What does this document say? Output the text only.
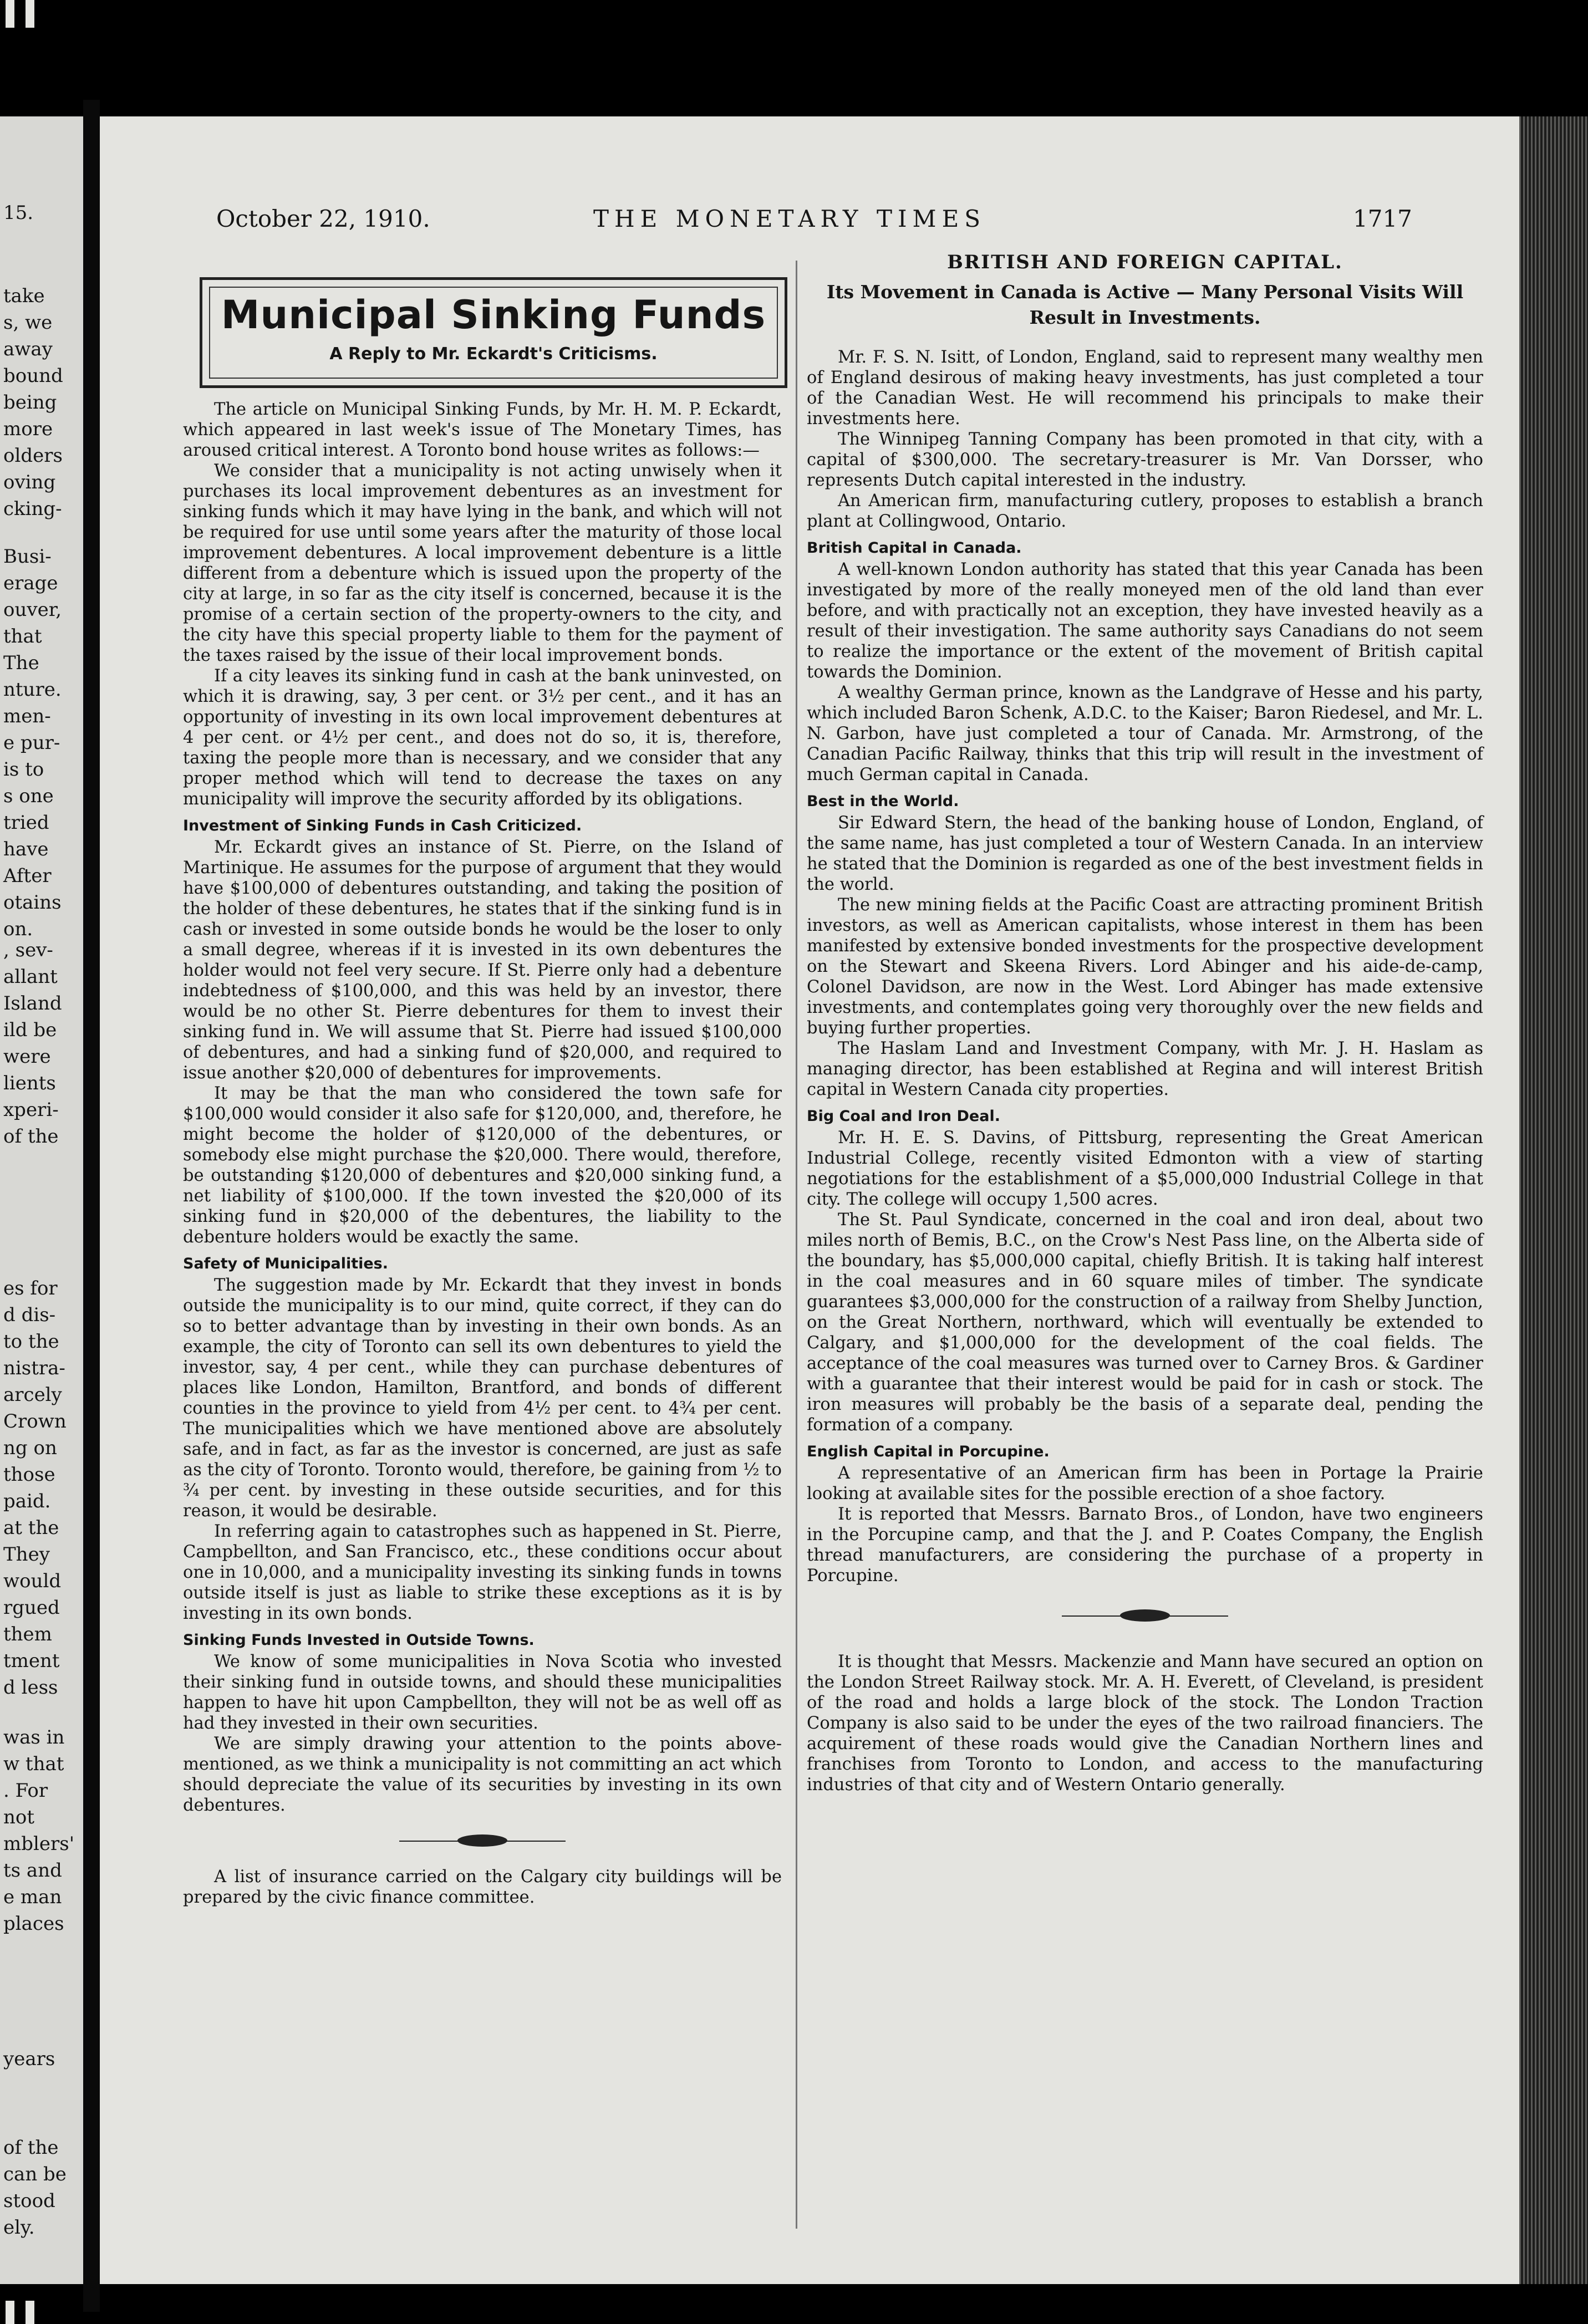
15.
take
s, we
away
bound
being
more
olders
oving
cking-
Busi-
erage
ouver,
that
The
nture.
men-
e pur-
is to
s one
tried
have
After
otains
on.
, sev-
allant
Island
ild be
were
lients
xperi-
of the
es for
d dis-
to the
nistra-
arcely
Crown
ng on
those
paid.
at the
They
would
rgued
them
tment
d less
was in
w that
. For
not
mblers'
ts and
e man
places
years
of the
can be
stood
ely.
October 22, 1910.	THE MONETARY TIMES	1717
Municipal Sinking Funds
A Reply to Mr. Eckardt's Criticisms.

The article on Municipal Sinking Funds, by Mr. H. M. P. Eckardt, which appeared in last week's issue of The Monetary Times, has aroused critical interest. A Toronto bond house writes as follows:—

We consider that a municipality is not acting unwisely when it purchases its local improvement debentures as an investment for sinking funds which it may have lying in the bank, and which will not be required for use until some years after the maturity of those local improvement debentures. A local improvement debenture is a little different from a debenture which is issued upon the property of the city at large, in so far as the city itself is concerned, because it is the promise of a certain section of the property-owners to the city, and the city have this special property liable to them for the payment of the taxes raised by the issue of their local improvement bonds.

If a city leaves its sinking fund in cash at the bank uninvested, on which it is drawing, say, 3 per cent. or 3½ per cent., and it has an opportunity of investing in its own local improvement debentures at 4 per cent. or 4½ per cent., and does not do so, it is, therefore, taxing the people more than is necessary, and we consider that any proper method which will tend to decrease the taxes on any municipality will improve the security afforded by its obligations.

Investment of Sinking Funds in Cash Criticized.

Mr. Eckardt gives an instance of St. Pierre, on the Island of Martinique. He assumes for the purpose of argument that they would have $100,000 of debentures outstanding, and taking the position of the holder of these debentures, he states that if the sinking fund is in cash or invested in some outside bonds he would be the loser to only a small degree, whereas if it is invested in its own debentures the holder would not feel very secure. If St. Pierre only had a debenture indebtedness of $100,000, and this was held by an investor, there would be no other St. Pierre debentures for them to invest their sinking fund in. We will assume that St. Pierre had issued $100,000 of debentures, and had a sinking fund of $20,000, and required to issue another $20,000 of debentures for improvements.

It may be that the man who considered the town safe for $100,000 would consider it also safe for $120,000, and, therefore, he might become the holder of $120,000 of the debentures, or somebody else might purchase the $20,000. There would, therefore, be outstanding $120,000 of debentures and $20,000 sinking fund, a net liability of $100,000. If the town invested the $20,000 of its sinking fund in $20,000 of the debentures, the liability to the debenture holders would be exactly the same.

Safety of Municipalities.

The suggestion made by Mr. Eckardt that they invest in bonds outside the municipality is to our mind, quite correct, if they can do so to better advantage than by investing in their own bonds. As an example, the city of Toronto can sell its own debentures to yield the investor, say, 4 per cent., while they can purchase debentures of places like London, Hamilton, Brantford, and bonds of different counties in the province to yield from 4½ per cent. to 4¾ per cent. The municipalities which we have mentioned above are absolutely safe, and in fact, as far as the investor is concerned, are just as safe as the city of Toronto. Toronto would, therefore, be gaining from ½ to ¾ per cent. by investing in these outside securities, and for this reason, it would be desirable.

In referring again to catastrophes such as happened in St. Pierre, Campbellton, and San Francisco, etc., these conditions occur about one in 10,000, and a municipality investing its sinking funds in towns outside itself is just as liable to strike these exceptions as it is by investing in its own bonds.

Sinking Funds Invested in Outside Towns.

We know of some municipalities in Nova Scotia who invested their sinking fund in outside towns, and should these municipalities happen to have hit upon Campbellton, they will not be as well off as had they invested in their own securities.

We are simply drawing your attention to the points above-mentioned, as we think a municipality is not committing an act which should depreciate the value of its securities by investing in its own debentures.

A list of insurance carried on the Calgary city buildings will be prepared by the civic finance committee.

BRITISH AND FOREIGN CAPITAL.
Its Movement in Canada is Active — Many Personal Visits Will Result in Investments.

Mr. F. S. N. Isitt, of London, England, said to represent many wealthy men of England desirous of making heavy investments, has just completed a tour of the Canadian West. He will recommend his principals to make their investments here.

The Winnipeg Tanning Company has been promoted in that city, with a capital of $300,000. The secretary-treasurer is Mr. Van Dorsser, who represents Dutch capital interested in the industry.

An American firm, manufacturing cutlery, proposes to establish a branch plant at Collingwood, Ontario.

British Capital in Canada.

A well-known London authority has stated that this year Canada has been investigated by more of the really moneyed men of the old land than ever before, and with practically not an exception, they have invested heavily as a result of their investigation. The same authority says Canadians do not seem to realize the importance or the extent of the movement of British capital towards the Dominion.

A wealthy German prince, known as the Landgrave of Hesse and his party, which included Baron Schenk, A.D.C. to the Kaiser; Baron Riedesel, and Mr. L. N. Garbon, have just completed a tour of Canada. Mr. Armstrong, of the Canadian Pacific Railway, thinks that this trip will result in the investment of much German capital in Canada.

Best in the World.

Sir Edward Stern, the head of the banking house of London, England, of the same name, has just completed a tour of Western Canada. In an interview he stated that the Dominion is regarded as one of the best investment fields in the world.

The new mining fields at the Pacific Coast are attracting prominent British investors, as well as American capitalists, whose interest in them has been manifested by extensive bonded investments for the prospective development on the Stewart and Skeena Rivers. Lord Abinger and his aide-de-camp, Colonel Davidson, are now in the West. Lord Abinger has made extensive investments, and contemplates going very thoroughly over the new fields and buying further properties.

The Haslam Land and Investment Company, with Mr. J. H. Haslam as managing director, has been established at Regina and will interest British capital in Western Canada city properties.

Big Coal and Iron Deal.

Mr. H. E. S. Davins, of Pittsburg, representing the Great American Industrial College, recently visited Edmonton with a view of starting negotiations for the establishment of a $5,000,000 Industrial College in that city. The college will occupy 1,500 acres.

The St. Paul Syndicate, concerned in the coal and iron deal, about two miles north of Bemis, B.C., on the Crow's Nest Pass line, on the Alberta side of the boundary, has $5,000,000 capital, chiefly British. It is taking half interest in the coal measures and in 60 square miles of timber. The syndicate guarantees $3,000,000 for the construction of a railway from Shelby Junction, on the Great Northern, northward, which will eventually be extended to Calgary, and $1,000,000 for the development of the coal fields. The acceptance of the coal measures was turned over to Carney Bros. & Gardiner with a guarantee that their interest would be paid for in cash or stock. The iron measures will probably be the basis of a separate deal, pending the formation of a company.

English Capital in Porcupine.

A representative of an American firm has been in Portage la Prairie looking at available sites for the possible erection of a shoe factory.

It is reported that Messrs. Barnato Bros., of London, have two engineers in the Porcupine camp, and that the J. and P. Coates Company, the English thread manufacturers, are considering the purchase of a property in Porcupine.

It is thought that Messrs. Mackenzie and Mann have secured an option on the London Street Railway stock. Mr. A. H. Everett, of Cleveland, is president of the road and holds a large block of the stock. The London Traction Company is also said to be under the eyes of the two railroad financiers. The acquirement of these roads would give the Canadian Northern lines and franchises from Toronto to London, and access to the manufacturing industries of that city and of Western Ontario generally.
